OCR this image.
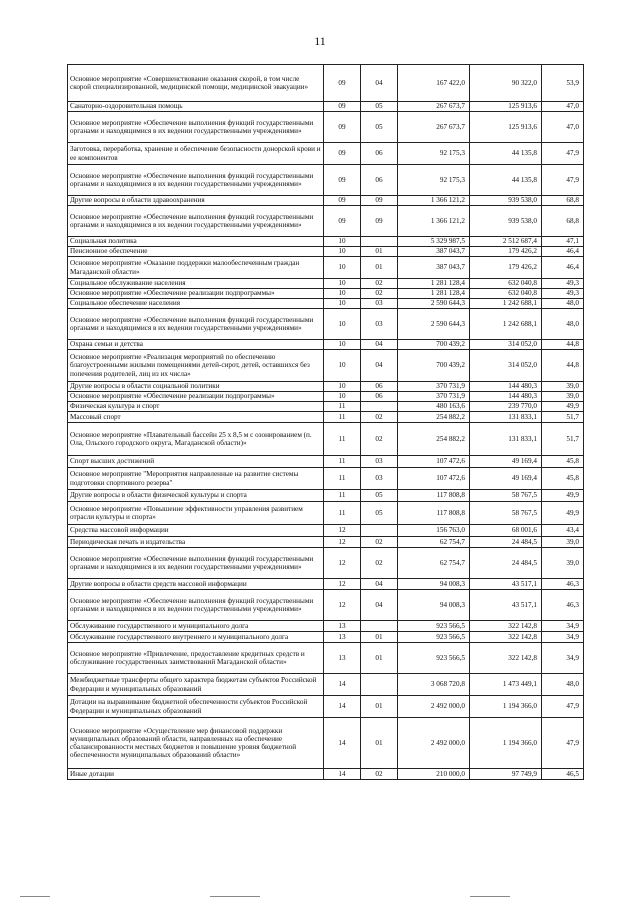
11
Основное мероприятие «Совершенствование оказания скорой, в том числе скорой специализированной, медицинской помощи, медицинской эвакуации»	09	04	167 422,0	90 322,0	53,9
Санаторно-оздоровительная помощь	09	05	267 673,7	125 913,6	47,0
Основное мероприятие «Обеспечение выполнения функций государственными органами и находящимися в их ведении государственными учреждениями»	09	05	267 673,7	125 913,6	47,0
Заготовка, переработка, хранение и обеспечение безопасности донорской крови и ее компонентов	09	06	92 175,3	44 135,8	47,9
Основное мероприятие «Обеспечение выполнения функций государственными органами и находящимися в их ведении государственными учреждениями»	09	06	92 175,3	44 135,8	47,9
Другие вопросы в области здравоохранения	09	09	1 366 121,2	939 538,0	68,8
Основное мероприятие «Обеспечение выполнения функций государственными органами и находящимися в их ведении государственными учреждениями»	09	09	1 366 121,2	939 538,0	68,8
Социальная политика	10		5 329 987,5	2 512 687,4	47,1
Пенсионное обеспечение	10	01	387 043,7	179 426,2	46,4
Основное мероприятие «Оказание поддержки малообеспеченным граждан Магаданской области»	10	01	387 043,7	179 426,2	46,4
Социальное обслуживание населения	10	02	1 281 128,4	632 040,8	49,3
Основное мероприятие «Обеспечение реализации подпрограммы»	10	02	1 281 128,4	632 040,8	49,3
Социальное обеспечение населения	10	03	2 590 644,3	1 242 688,1	48,0
Основное мероприятие «Обеспечение выполнения функций государственными органами и находящимися в их ведении государственными учреждениями»	10	03	2 590 644,3	1 242 688,1	48,0
Охрана семьи и детства	10	04	700 439,2	314 052,0	44,8
Основное мероприятие «Реализация мероприятий по обеспечению благоустроенными жилыми помещениями детей-сирот, детей, оставшихся без попечения родителей, лиц из их числа»	10	04	700 439,2	314 052,0	44,8
Другие вопросы в области социальной политики	10	06	370 731,9	144 480,3	39,0
Основное мероприятие «Обеспечение реализации подпрограммы»	10	06	370 731,9	144 480,3	39,0
Физическая культура и спорт	11		480 163,6	239 770,0	49,9
Массовый спорт	11	02	254 882,2	131 833,1	51,7
Основное мероприятие «Плавательный бассейн 25 х 8,5 м с озонированием (п. Ола, Ольского городского округа, Магаданской области)»	11	02	254 882,2	131 833,1	51,7
Спорт высших достижений	11	03	107 472,6	49 169,4	45,8
Основное мероприятие "Мероприятия направленные на развитие системы подготовки спортивного резерва"	11	03	107 472,6	49 169,4	45,8
Другие вопросы в области физической культуры и спорта	11	05	117 808,8	58 767,5	49,9
Основное мероприятие «Повышение эффективности управления развитием отрасли культуры и спорта»	11	05	117 808,8	58 767,5	49,9
Средства массовой информации	12		156 763,0	68 001,6	43,4
Периодическая печать и издательства	12	02	62 754,7	24 484,5	39,0
Основное мероприятие «Обеспечение выполнения функций государственными органами и находящимися в их ведении государственными учреждениями»	12	02	62 754,7	24 484,5	39,0
Другие вопросы в области средств массовой информации	12	04	94 008,3	43 517,1	46,3
Основное мероприятие «Обеспечение выполнения функций государственными органами и находящимися в их ведении государственными учреждениями»	12	04	94 008,3	43 517,1	46,3
Обслуживание государственного и муниципального долга	13		923 566,5	322 142,8	34,9
Обслуживание государственного внутреннего и муниципального долга	13	01	923 566,5	322 142,8	34,9
Основное мероприятие «Привлечение, предоставление кредитных средств и обслуживание государственных заимствований Магаданской области»	13	01	923 566,5	322 142,8	34,9
Межбюджетные трансферты общего характера бюджетам субъектов Российской Федерации и муниципальных образований	14		3 068 720,8	1 473 449,1	48,0
Дотации на выравнивание бюджетной обеспеченности субъектов Российской Федерации и муниципальных образований	14	01	2 492 000,0	1 194 366,0	47,9
Основное мероприятие «Осуществление мер финансовой поддержки муниципальных образований области, направленных на обеспечение сбалансированности местных бюджетов и повышение уровня бюджетной обеспеченности муниципальных образований области»	14	01	2 492 000,0	1 194 366,0	47,9
Иные дотации	14	02	210 000,0	97 749,9	46,5
